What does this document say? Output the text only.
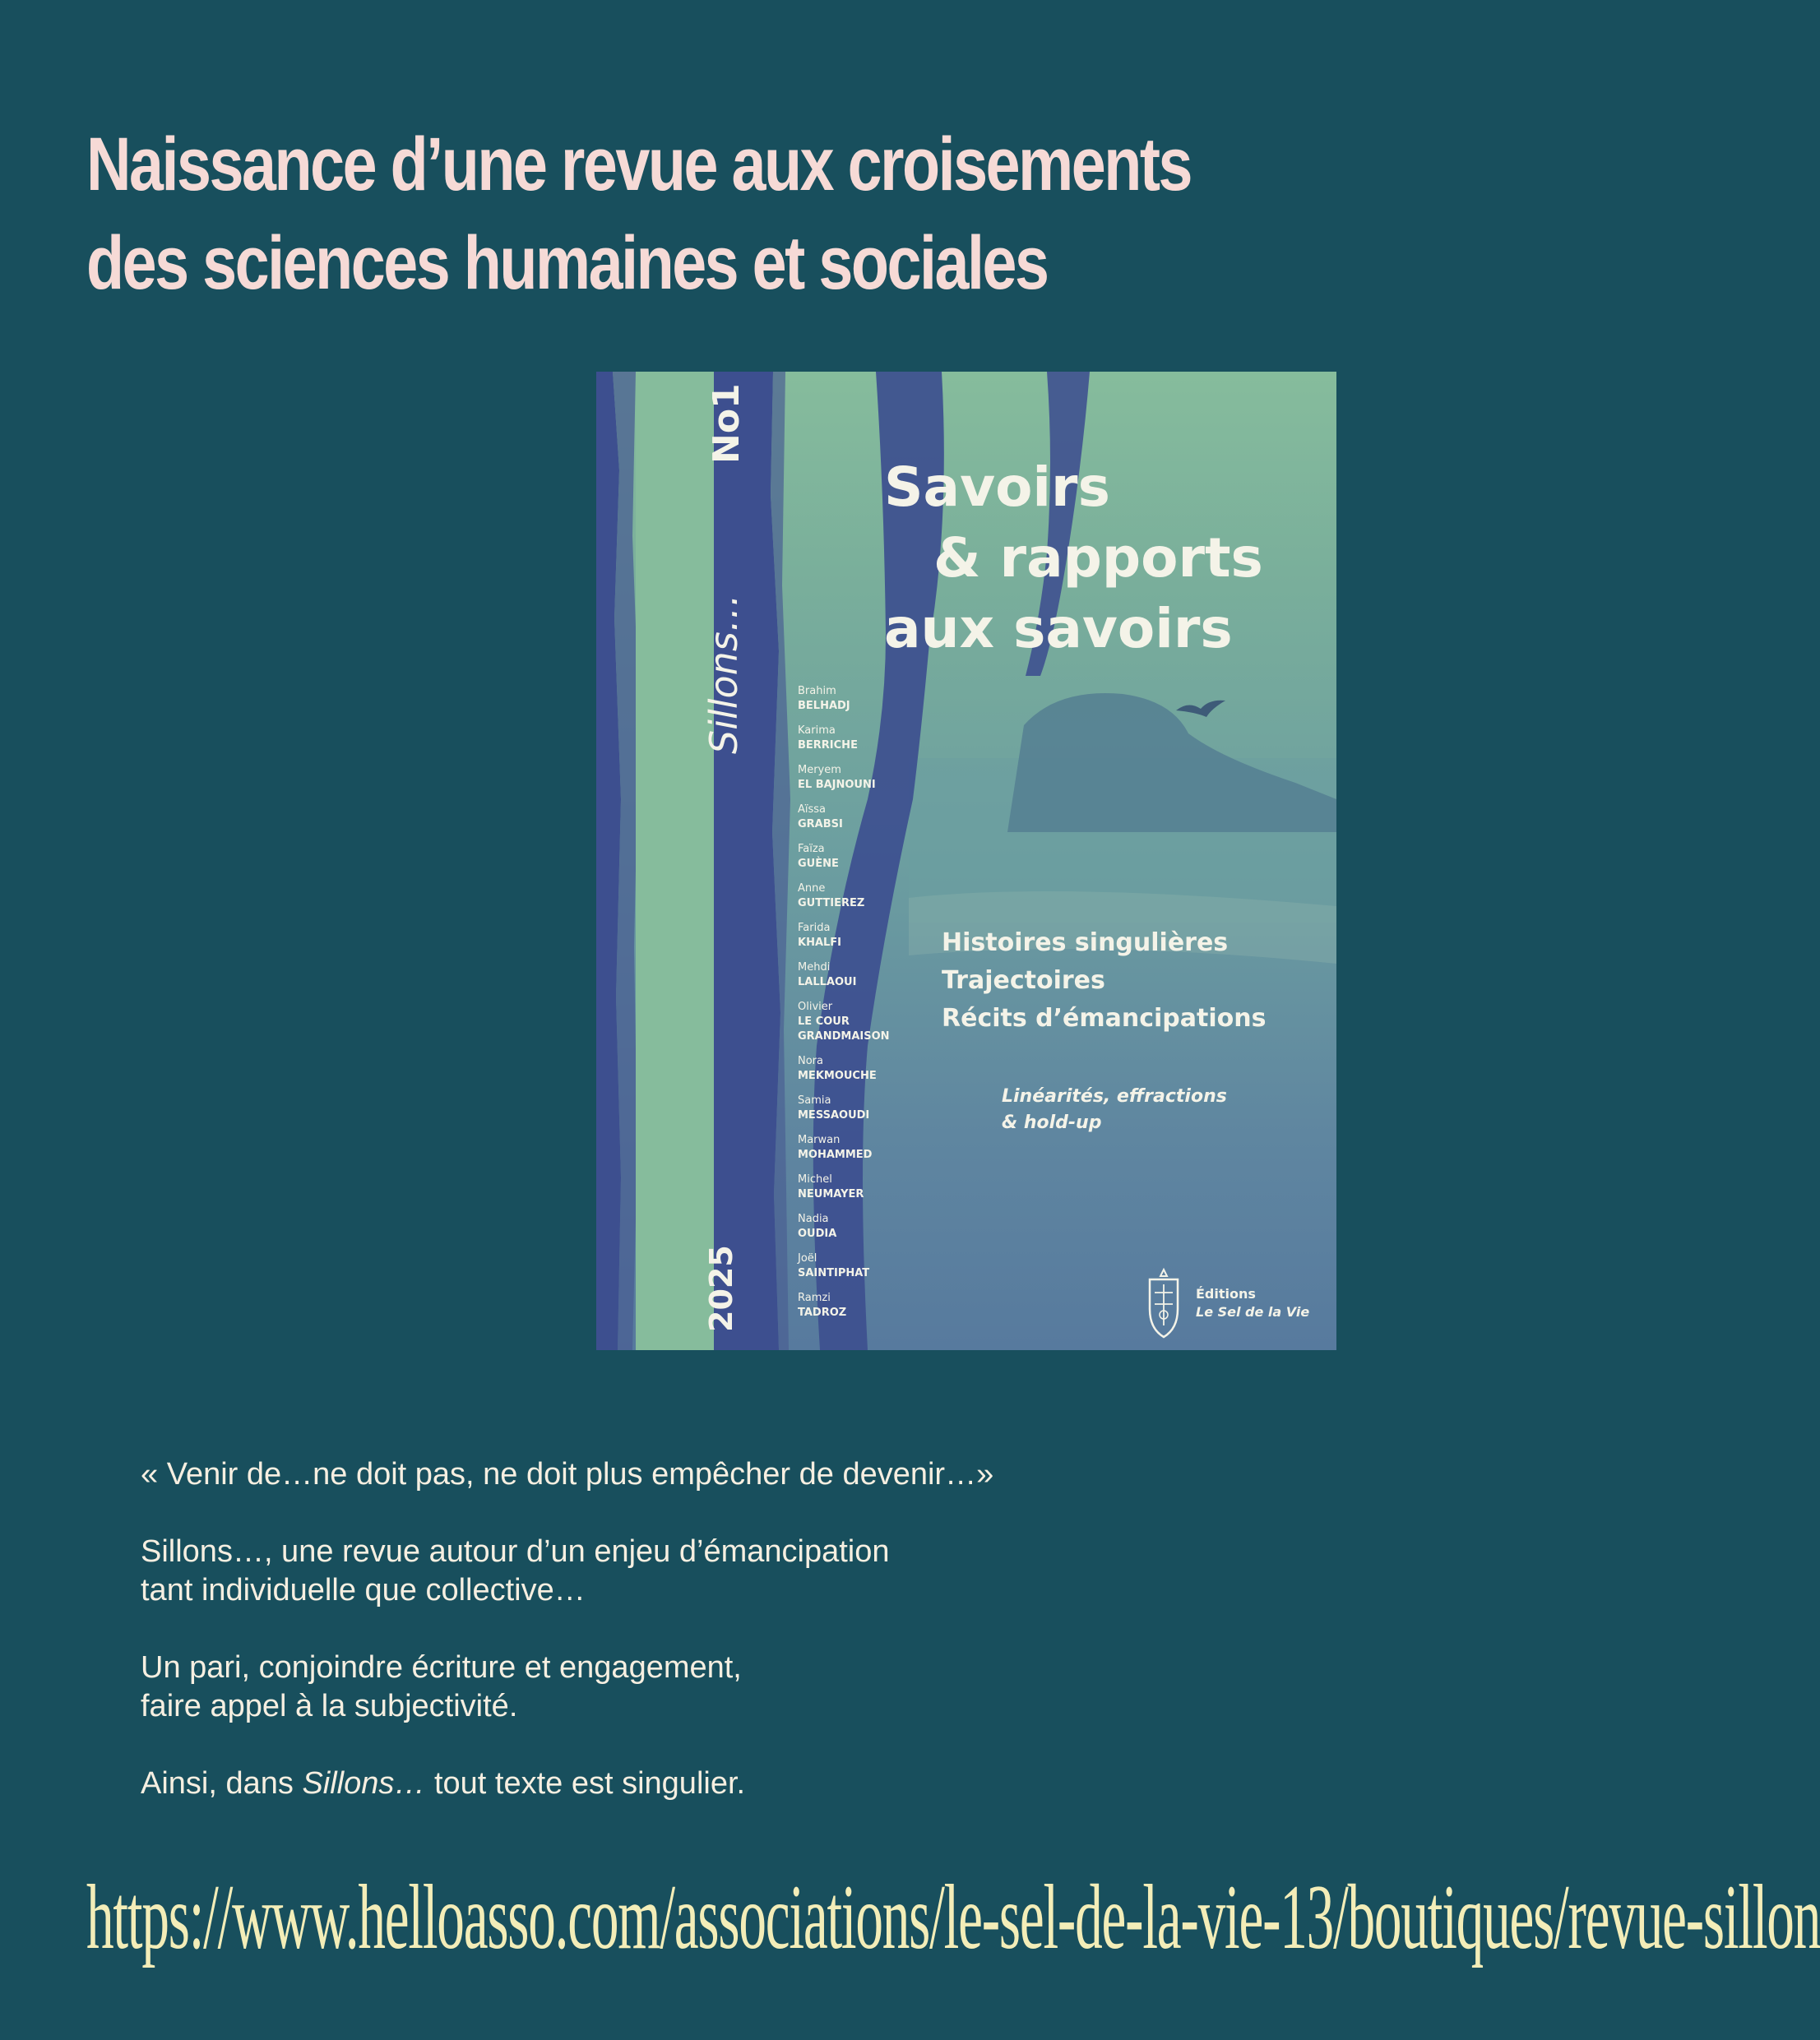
Naissance d’une revue aux croisements
des sciences humaines et sociales
No1
Sillons…
2025
Savoirs
& rapports
aux savoirs
Brahim
BELHADJ
Karima
BERRICHE
Meryem
EL BAJNOUNI
Aïssa
GRABSI
Faïza
GUÈNE
Anne
GUTTIEREZ
Farida
KHALFI
Mehdi
LALLAOUI
Olivier
LE COUR GRANDMAISON
Nora
MEKMOUCHE
Samia
MESSAOUDI
Marwan
MOHAMMED
Michel
NEUMAYER
Nadia
OUDIA
Joël
SAINTIPHAT
Ramzi
TADROZ
Histoires singulières
Trajectoires
Récits d’émancipations
Linéarités, effractions
& hold-up
Éditions
Le Sel de la Vie

« Venir de…ne doit pas, ne doit plus empêcher de devenir…»

Sillons…, une revue autour d’un enjeu d’émancipation
tant individuelle que collective…

Un pari, conjoindre écriture et engagement,
faire appel à la subjectivité.

Ainsi, dans Sillons… tout texte est singulier.

https://www.helloasso.com/associations/le-sel-de-la-vie-13/boutiques/revue-sillon
